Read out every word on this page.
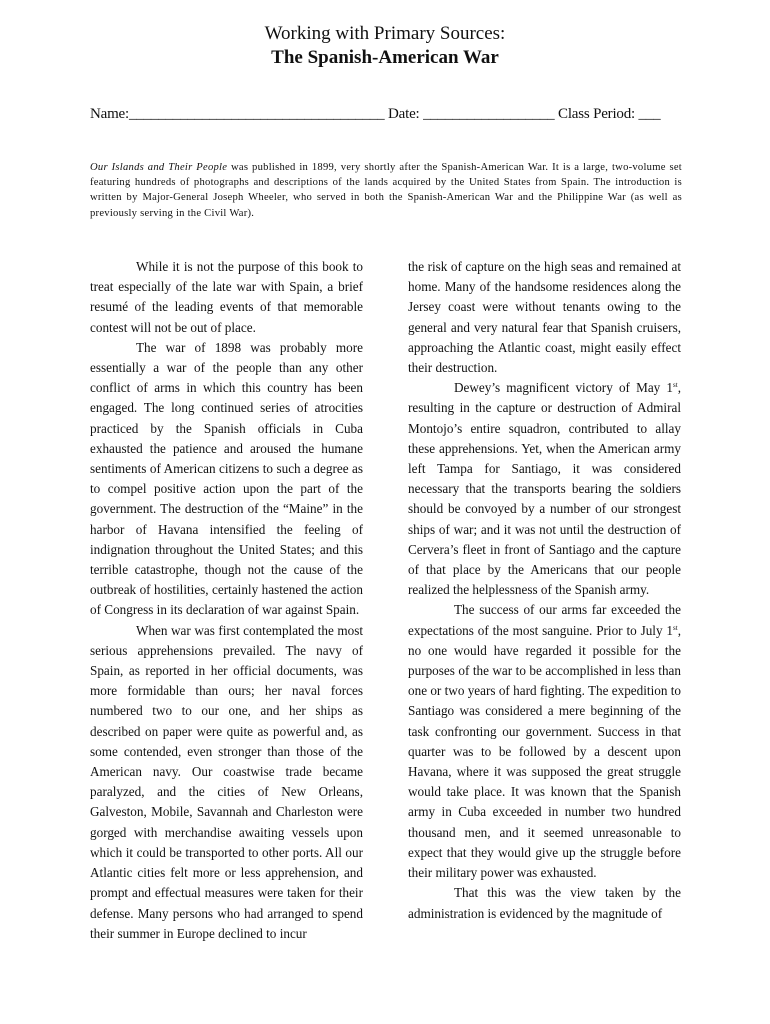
Working with Primary Sources:
The Spanish-American War
Name:___________________________________ Date: __________________ Class Period: ___
Our Islands and Their People was published in 1899, very shortly after the Spanish-American War. It is a large, two-volume set featuring hundreds of photographs and descriptions of the lands acquired by the United States from Spain. The introduction is written by Major-General Joseph Wheeler, who served in both the Spanish-American War and the Philippine War (as well as previously serving in the Civil War).

While it is not the purpose of this book to treat especially of the late war with Spain, a brief resumé of the leading events of that memorable contest will not be out of place.

The war of 1898 was probably more essentially a war of the people than any other conflict of arms in which this country has been engaged. The long continued series of atrocities practiced by the Spanish officials in Cuba exhausted the patience and aroused the humane sentiments of American citizens to such a degree as to compel positive action upon the part of the government. The destruction of the “Maine” in the harbor of Havana intensified the feeling of indignation throughout the United States; and this terrible catastrophe, though not the cause of the outbreak of hostilities, certainly hastened the action of Congress in its declaration of war against Spain.

When war was first contemplated the most serious apprehensions prevailed. The navy of Spain, as reported in her official documents, was more formidable than ours; her naval forces numbered two to our one, and her ships as described on paper were quite as powerful and, as some contended, even stronger than those of the American navy. Our coastwise trade became paralyzed, and the cities of New Orleans, Galveston, Mobile, Savannah and Charleston were gorged with merchandise awaiting vessels upon which it could be transported to other ports. All our Atlantic cities felt more or less apprehension, and prompt and effectual measures were taken for their defense. Many persons who had arranged to spend their summer in Europe declined to incur

the risk of capture on the high seas and remained at home. Many of the handsome residences along the Jersey coast were without tenants owing to the general and very natural fear that Spanish cruisers, approaching the Atlantic coast, might easily effect their destruction.

Dewey’s magnificent victory of May 1st, resulting in the capture or destruction of Admiral Montojo’s entire squadron, contributed to allay these apprehensions. Yet, when the American army left Tampa for Santiago, it was considered necessary that the transports bearing the soldiers should be convoyed by a number of our strongest ships of war; and it was not until the destruction of Cervera’s fleet in front of Santiago and the capture of that place by the Americans that our people realized the helplessness of the Spanish army.

The success of our arms far exceeded the expectations of the most sanguine. Prior to July 1st, no one would have regarded it possible for the purposes of the war to be accomplished in less than one or two years of hard fighting. The expedition to Santiago was considered a mere beginning of the task confronting our government. Success in that quarter was to be followed by a descent upon Havana, where it was supposed the great struggle would take place. It was known that the Spanish army in Cuba exceeded in number two hundred thousand men, and it seemed unreasonable to expect that they would give up the struggle before their military power was exhausted.

That this was the view taken by the administration is evidenced by the magnitude of
